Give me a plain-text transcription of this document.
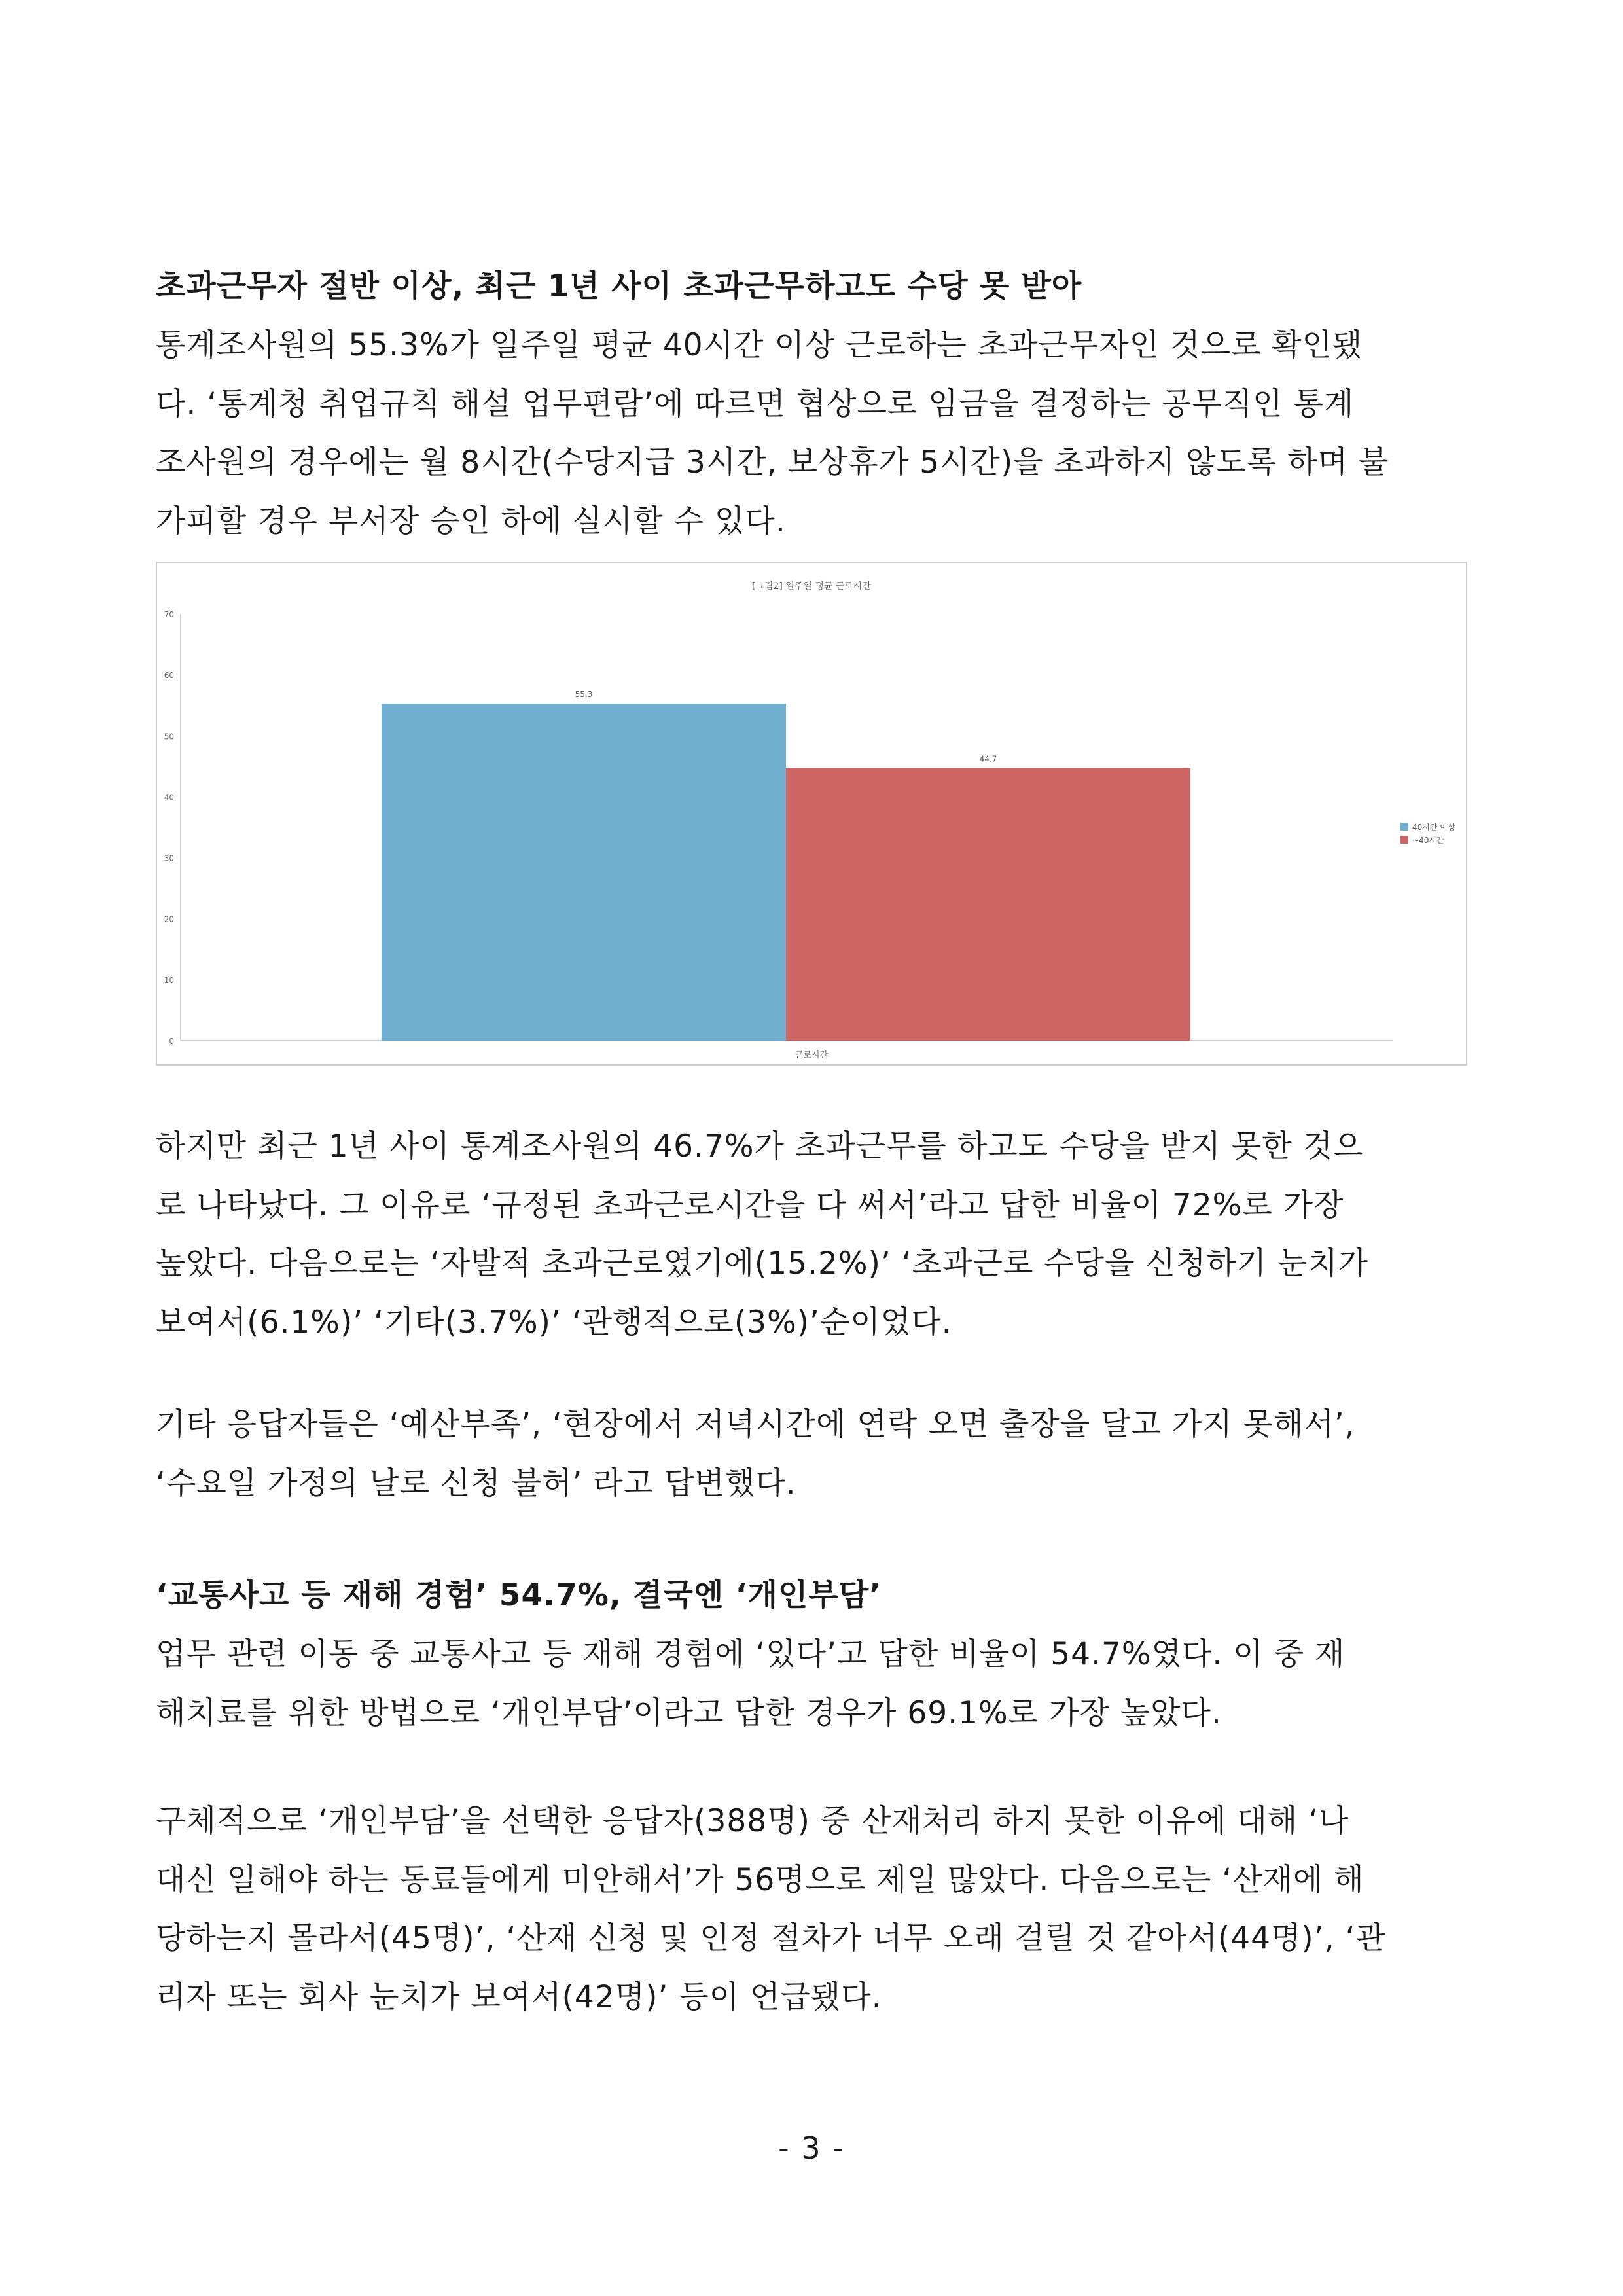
초과근무자 절반 이상, 최근 1년 사이 초과근무하고도 수당 못 받아

통계조사원의 55.3%가 일주일 평균 40시간 이상 근로하는 초과근무자인 것으로 확인됐

다. ‘통계청 취업규칙 해설 업무편람’에 따르면 협상으로 임금을 결정하는 공무직인 통계

조사원의 경우에는 월 8시간(수당지급 3시간, 보상휴가 5시간)을 초과하지 않도록 하며 불

가피할 경우 부서장 승인 하에 실시할 수 있다.

[그림2] 일주일 평균 근로시간
0
10
20
30
40
50
60
70
55.3
44.7
근로시간
40시간 이상
~40시간

하지만 최근 1년 사이 통계조사원의 46.7%가 초과근무를 하고도 수당을 받지 못한 것으

로 나타났다. 그 이유로 ‘규정된 초과근로시간을 다 써서’라고 답한 비율이 72%로 가장

높았다. 다음으로는 ‘자발적 초과근로였기에(15.2%)’ ‘초과근로 수당을 신청하기 눈치가

보여서(6.1%)’ ‘기타(3.7%)’ ‘관행적으로(3%)’순이었다.

기타 응답자들은 ‘예산부족’, ‘현장에서 저녁시간에 연락 오면 출장을 달고 가지 못해서’,

‘수요일 가정의 날로 신청 불허’ 라고 답변했다.

‘교통사고 등 재해 경험’ 54.7%, 결국엔 ‘개인부담’

업무 관련 이동 중 교통사고 등 재해 경험에 ‘있다’고 답한 비율이 54.7%였다. 이 중 재

해치료를 위한 방법으로 ‘개인부담’이라고 답한 경우가 69.1%로 가장 높았다.

구체적으로 ‘개인부담’을 선택한 응답자(388명) 중 산재처리 하지 못한 이유에 대해 ‘나

대신 일해야 하는 동료들에게 미안해서’가 56명으로 제일 많았다. 다음으로는 ‘산재에 해

당하는지 몰라서(45명)’, ‘산재 신청 및 인정 절차가 너무 오래 걸릴 것 같아서(44명)’, ‘관

리자 또는 회사 눈치가 보여서(42명)’ 등이 언급됐다.

- 3 -
